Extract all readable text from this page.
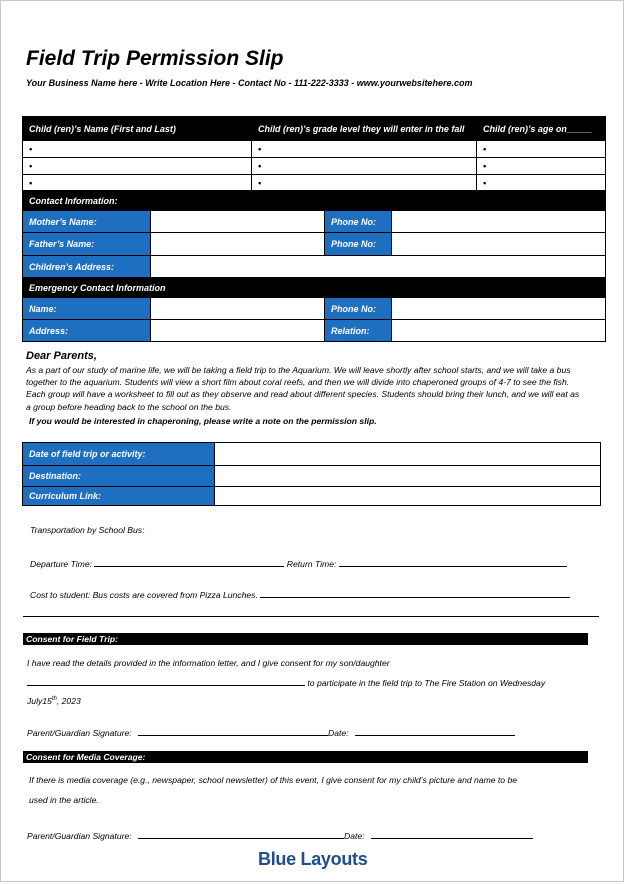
Field Trip Permission Slip
Your Business Name here - Write Location Here - Contact No - 111-222-3333 - www.yourwebsitehere.com
Child (ren)’s Name (First and Last)	Child (ren)’s grade level they will enter in the fall	Child (ren)’s age on_____
•	•	•
•	•	•
•	•	•
Contact Information:			
Mother’s Name:		Phone No:	
Father’s Name:		Phone No:	
Children’s Address:			
Emergency Contact Information			
Name:		Phone No:	
Address:		Relation:	
Dear Parents,
As a part of our study of marine life, we will be taking a field trip to the Aquarium. We will leave shortly after school starts, and we will take a bus together to the aquarium. Students will view a short film about coral reefs, and then we will divide into chaperoned groups of 4-7 to see the fish. Each group will have a worksheet to fill out as they observe and read about different species. Students should bring their lunch, and we will eat as a group before heading back to the school on the bus.
If you would be interested in chaperoning, please write a note on the permission slip.
Date of field trip or activity:	
Destination:	
Curriculum Link:	
Transportation by School Bus:
Departure Time:	Return Time:
Cost to student: Bus costs are covered from Pizza Lunches.
Consent for Field Trip:
I have read the details provided in the information letter, and I give consent for my son/daughter
to participate in the field trip to The Fire Station on Wednesday
July15th, 2023
Parent/Guardian Signature:	Date:
Consent for Media Coverage:
If there is media coverage (e.g., newspaper, school newsletter) of this event, I give consent for my child’s picture and name to be
used in the article.
Parent/Guardian Signature:	Date:
Blue Layouts
